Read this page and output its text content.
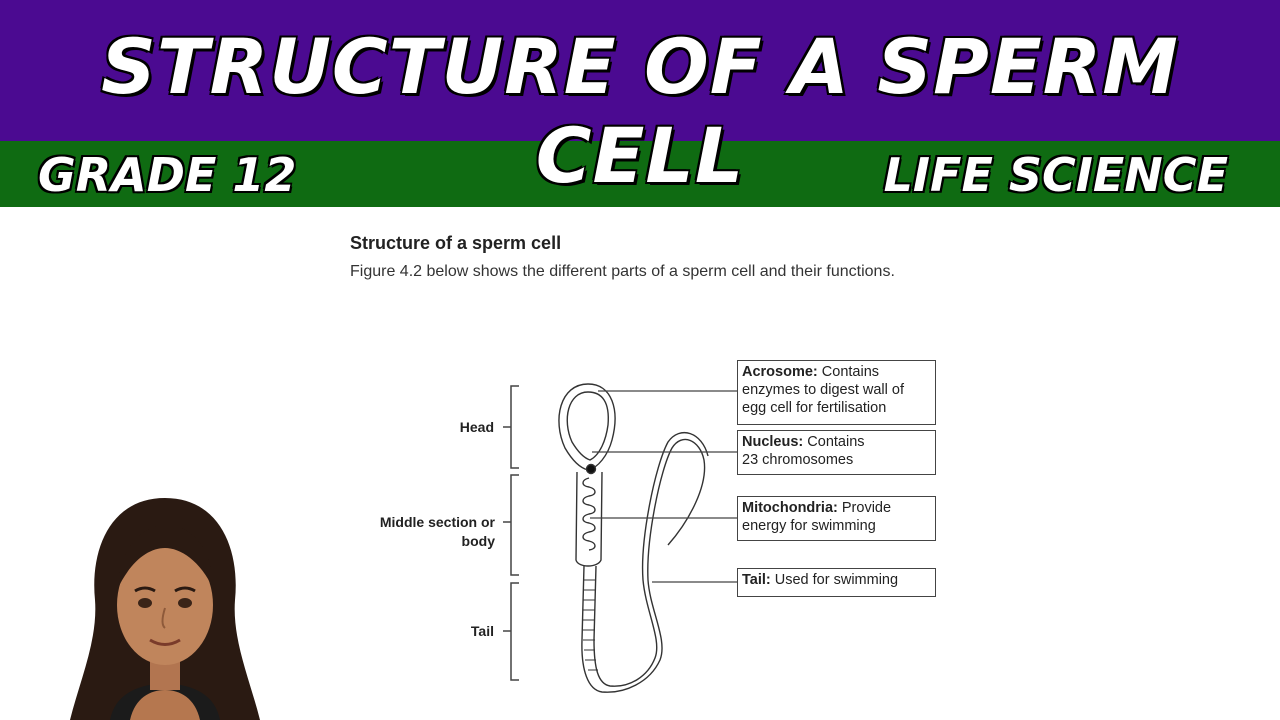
STRUCTURE OF A SPERM CELL
GRADE 12	LIFE SCIENCE
Structure of a sperm cell
Figure 4.2 below shows the different parts of a sperm cell and their functions.
Head
Middle section or
body
Tail
Acrosome: Contains
enzymes to digest wall of
egg cell for fertilisation
Nucleus: Contains
23 chromosomes
Mitochondria: Provide
energy for swimming
Tail: Used for swimming
